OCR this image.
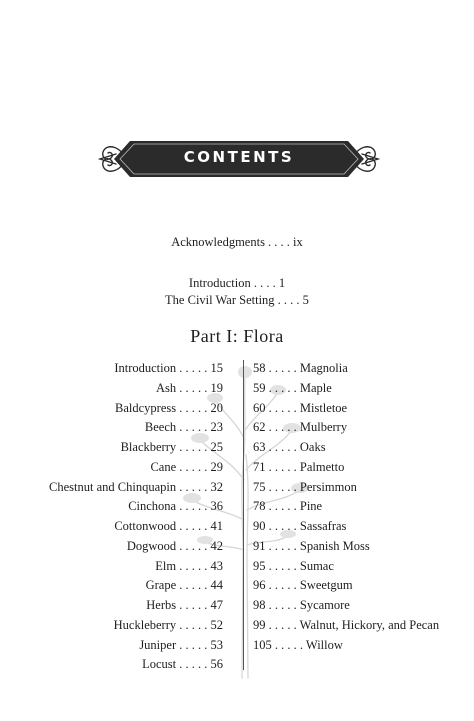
CONTENTS
Acknowledgments . . . . ix
Introduction . . . . 1
The Civil War Setting . . . . 5
Part I: Flora
Introduction . . . . . 15
Ash . . . . . 19
Baldcypress . . . . . 20
Beech . . . . . 23
Blackberry . . . . . 25
Cane . . . . . 29
Chestnut and Chinquapin . . . . . 32
Cinchona . . . . . 36
Cottonwood . . . . . 41
Dogwood . . . . . 42
Elm . . . . . 43
Grape . . . . . 44
Herbs . . . . . 47
Huckleberry . . . . . 52
Juniper . . . . . 53
Locust . . . . . 56
58 . . . . . Magnolia
59 . . . . . Maple
60 . . . . . Mistletoe
62 . . . . . Mulberry
63 . . . . . Oaks
71 . . . . . Palmetto
75 . . . . . Persimmon
78 . . . . . Pine
90 . . . . . Sassafras
91 . . . . . Spanish Moss
95 . . . . . Sumac
96 . . . . . Sweetgum
98 . . . . . Sycamore
99 . . . . . Walnut, Hickory, and Pecan
105 . . . . . Willow
